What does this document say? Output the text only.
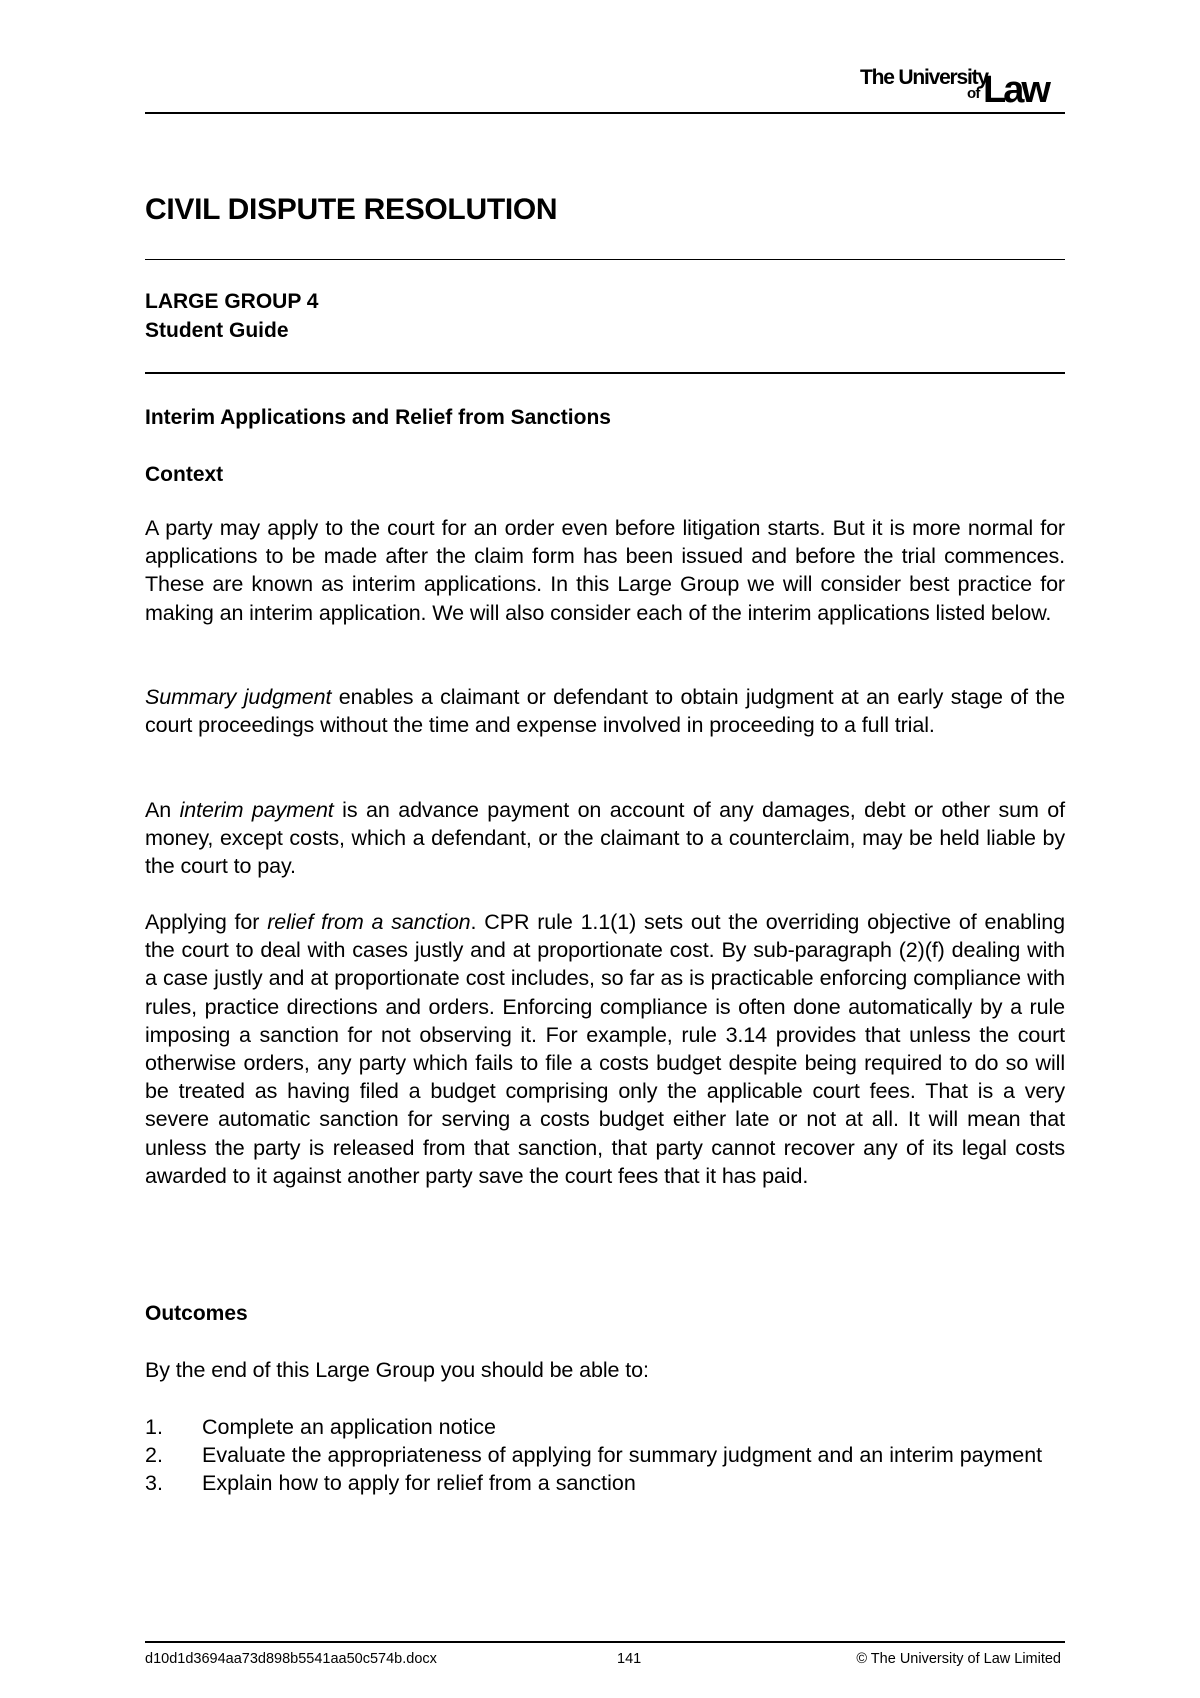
The University
of Law
CIVIL DISPUTE RESOLUTION

LARGE GROUP 4

Student Guide

Interim Applications and Relief from Sanctions
Context

A party may apply to the court for an order even before litigation starts. But it is more normal for applications to be made after the claim form has been issued and before the trial commences. These are known as interim applications. In this Large Group we will consider best practice for making an interim application. We will also consider each of the interim applications listed below.

Summary judgment enables a claimant or defendant to obtain judgment at an early stage of the court proceedings without the time and expense involved in proceeding to a full trial.

An interim payment is an advance payment on account of any damages, debt or other sum of money, except costs, which a defendant, or the claimant to a counterclaim, may be held liable by the court to pay.

Applying for relief from a sanction. CPR rule 1.1(1) sets out the overriding objective of enabling the court to deal with cases justly and at proportionate cost. By sub-paragraph (2)(f) dealing with a case justly and at proportionate cost includes, so far as is practicable enforcing compliance with rules, practice directions and orders. Enforcing compliance is often done automatically by a rule imposing a sanction for not observing it. For example, rule 3.14 provides that unless the court otherwise orders, any party which fails to file a costs budget despite being required to do so will be treated as having filed a budget comprising only the applicable court fees. That is a very severe automatic sanction for serving a costs budget either late or not at all. It will mean that unless the party is released from that sanction, that party cannot recover any of its legal costs awarded to it against another party save the court fees that it has paid.

Outcomes

By the end of this Large Group you should be able to:

1.	Complete an application notice
2.	Evaluate the appropriateness of applying for summary judgment and an interim payment
3.	Explain how to apply for relief from a sanction
d10d1d3694aa73d898b5541aa50c574b.docx	141	© The University of Law Limited
